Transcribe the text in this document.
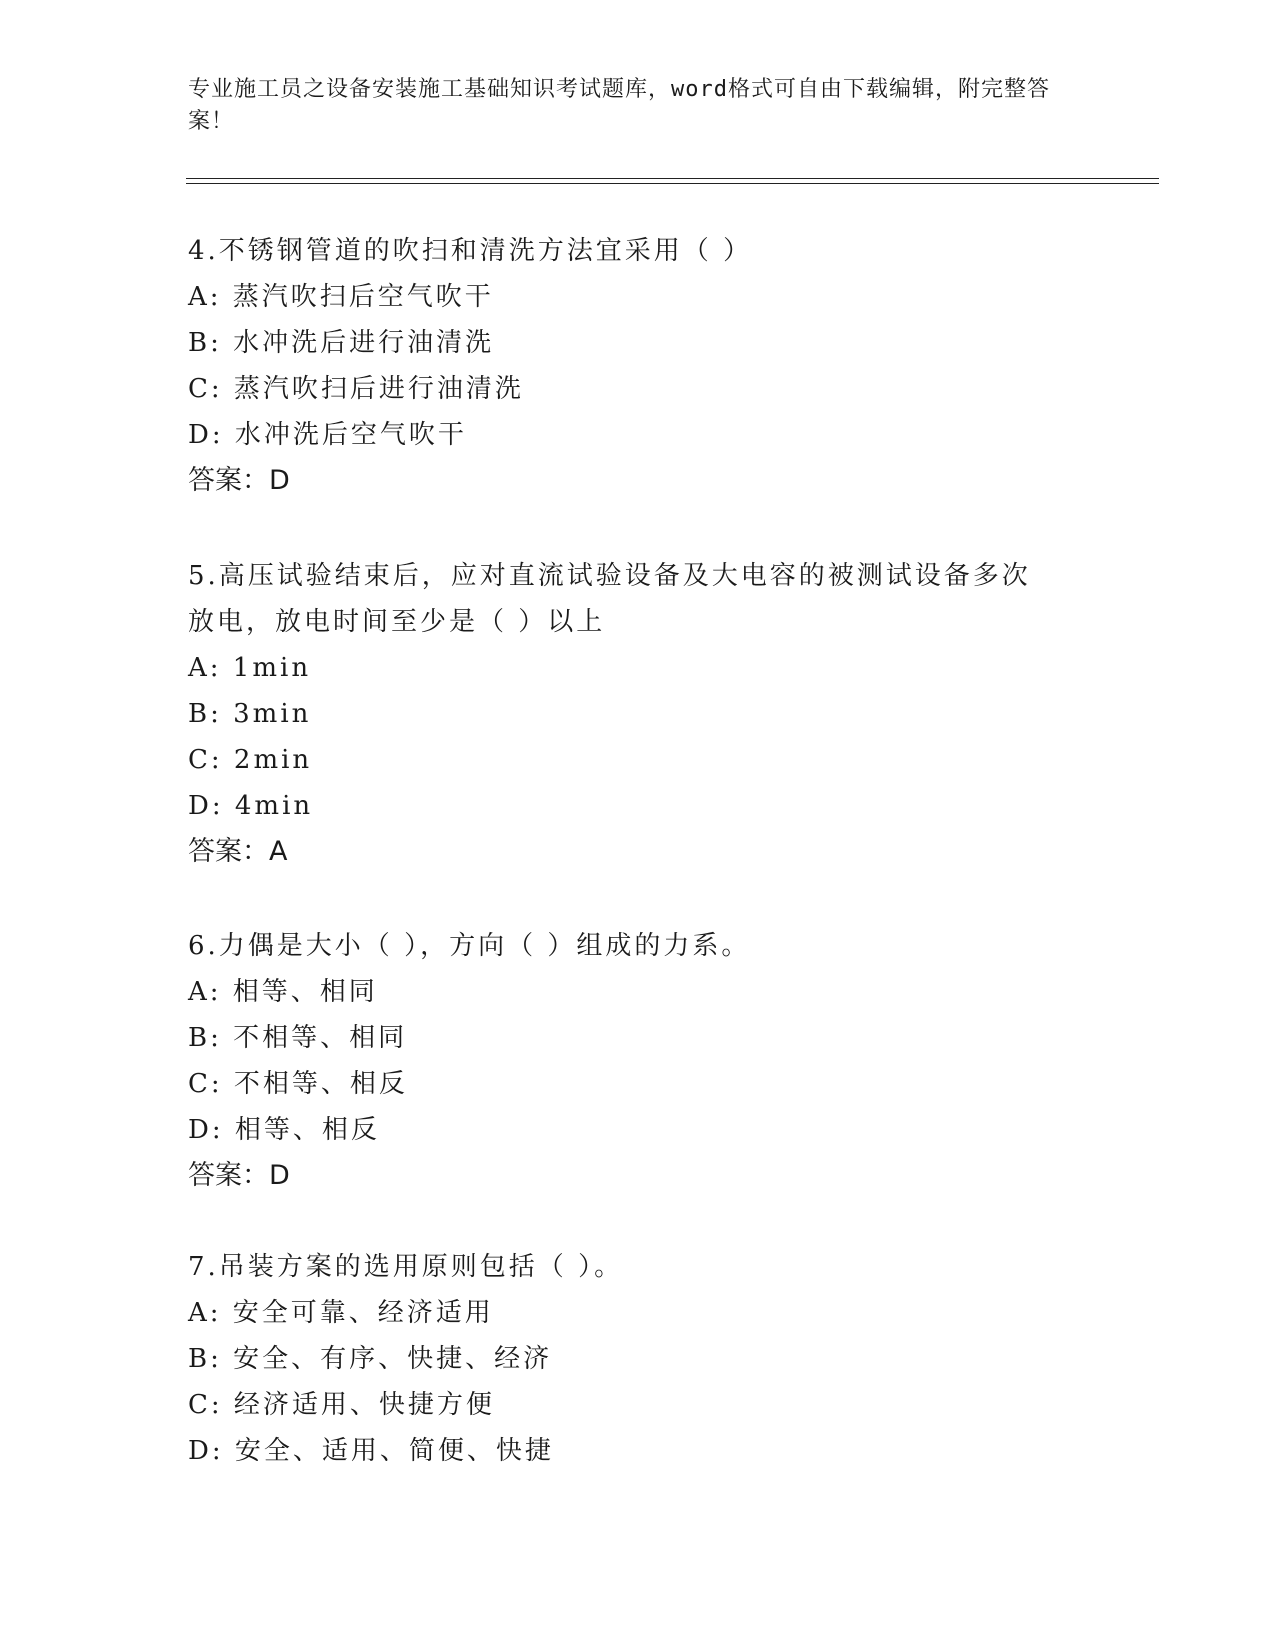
专业施工员之设备安装施工基础知识考试题库，word格式可自由下载编辑，附完整答案！
4.不锈钢管道的吹扫和清洗方法宜采用（ ）
A: 蒸汽吹扫后空气吹干
B: 水冲洗后进行油清洗
C: 蒸汽吹扫后进行油清洗
D: 水冲洗后空气吹干
答案：D
5.高压试验结束后，应对直流试验设备及大电容的被测试设备多次放电，放电时间至少是（ ）以上
A: 1min
B: 3min
C: 2min
D: 4min
答案：A
6.力偶是大小（ ），方向（ ）组成的力系。
A: 相等、相同
B: 不相等、相同
C: 不相等、相反
D: 相等、相反
答案：D
7.吊装方案的选用原则包括（ ）。
A: 安全可靠、经济适用
B: 安全、有序、快捷、经济
C: 经济适用、快捷方便
D: 安全、适用、简便、快捷
